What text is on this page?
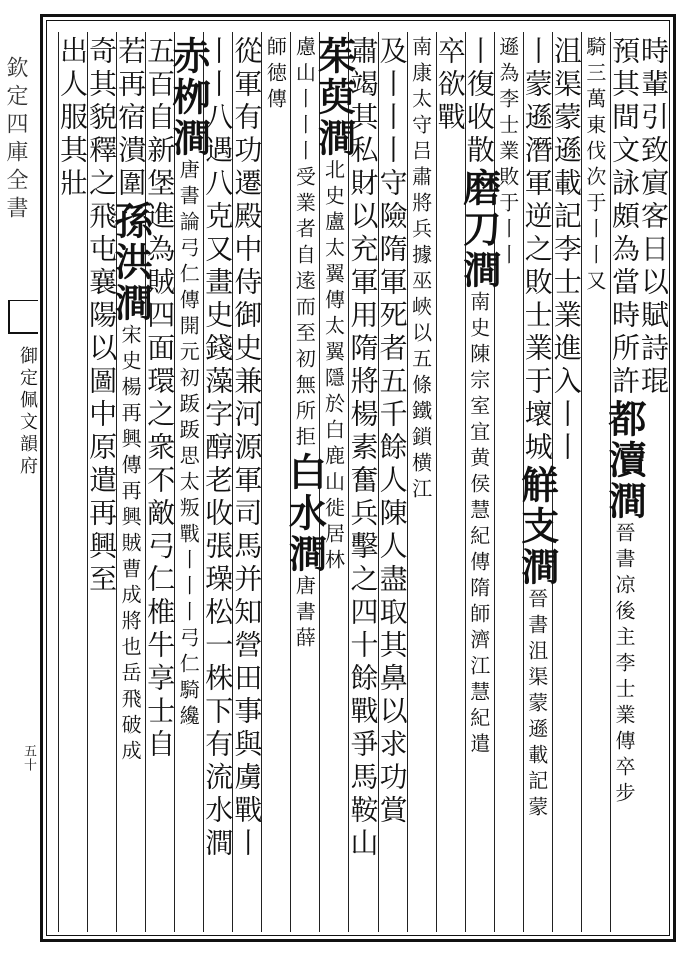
欽定四庫全書
御定佩文韻府
五十
時輩引致賔客日以賦詩琨
預其間文詠頗為當時所許都瀆澗晉書凉後主李士業傳卒步
騎三萬東伐次于丨丨又
沮渠蒙遜載記李士業進入丨丨
丨蒙遜潛軍逆之敗士業于壞城觧支澗晉書沮渠蒙遜載記蒙
遜為李士業敗于丨丨
丨復收散磨刀澗南史陳宗室宜黄侯慧紀傳隋師濟江慧紀遣
卒欲戰
南康太守吕肅將兵據巫峽以五條鐵鎖横江
及丨丨丨守險隋軍死者五千餘人陳人盡取其鼻以求功賞
肅竭其私財以充軍用隋將楊素奮兵擊之四十餘戰爭馬鞍山
茱萸澗北史盧太翼傳太翼隱於白鹿山徙居林
慮山丨丨丨受業者自逺而至初無所拒白水澗唐書薛
師徳傳
從軍有功遷殿中侍御史兼河源軍司馬并知營田事與虜戰丨
丨丨八遇八克又畫史錢藻字醇老收張璪松一株下有流水澗
赤栁澗唐書論弓仁傳開元初䟦䟦思太叛戰丨丨丨弓仁騎纔
五百自新堡進為賊四面環之衆不敵弓仁椎牛享士自
若再宿潰圍孫洪澗宋史楊再興傳再興賊曹成將也岳飛破成
奇其貌釋之飛屯襄陽以圖中原遣再興至
出人服其壯
